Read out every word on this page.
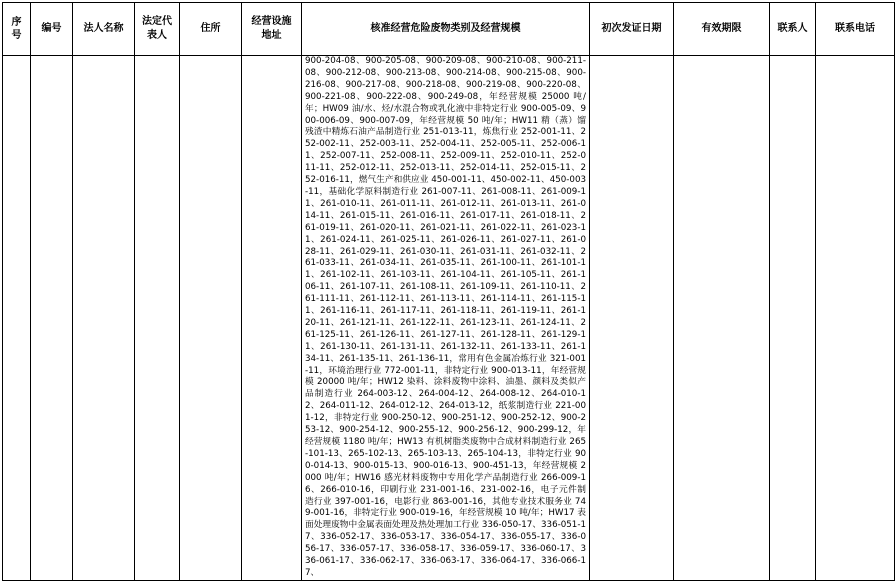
序号	编号	法人名称	法定代表人	住所	经营设施地址	核准经营危险废物类别及经营规模	初次发证日期	有效期限	联系人	联系电话

						900-204-08、900-205-08、900-209-08、900-210-08、900-211-08、900-212-08、900-213-08、900-214-08、900-215-08、900-216-08、900-217-08、900-218-08、900-219-08、900-220-08、900-221-08、900-222-08、900-249-08，年经营规模 25000 吨/年；HW09 油/水、烃/水混合物或乳化液中非特定行业 900-005-09、900-006-09、900-007-09，年经营规模 50 吨/年；HW11 精（蒸）馏残渣中精炼石油产品制造行业 251-013-11，炼焦行业 252-001-11、252-002-11、252-003-11、252-004-11、252-005-11、252-006-11、252-007-11、252-008-11、252-009-11、252-010-11、252-011-11、252-012-11、252-013-11、252-014-11、252-015-11、252-016-11，燃气生产和供应业 450-001-11、450-002-11、450-003-11，基础化学原料制造行业 261-007-11、261-008-11、261-009-11、261-010-11、261-011-11、261-012-11、261-013-11、261-014-11、261-015-11、261-016-11、261-017-11、261-018-11、261-019-11、261-020-11、261-021-11、261-022-11、261-023-11、261-024-11、261-025-11、261-026-11、261-027-11、261-028-11、261-029-11、261-030-11、261-031-11、261-032-11、261-033-11、261-034-11、261-035-11、261-100-11、261-101-11、261-102-11、261-103-11、261-104-11、261-105-11、261-106-11、261-107-11、261-108-11、261-109-11、261-110-11、261-111-11、261-112-11、261-113-11、261-114-11、261-115-11、261-116-11、261-117-11、261-118-11、261-119-11、261-120-11、261-121-11、261-122-11、261-123-11、261-124-11、261-125-11、261-126-11、261-127-11、261-128-11、261-129-11、261-130-11、261-131-11、261-132-11、261-133-11、261-134-11、261-135-11、261-136-11，常用有色金属冶炼行业 321-001-11，环境治理行业 772-001-11，非特定行业 900-013-11，年经营规模 20000 吨/年；HW12 染料、涂料废物中涂料、油墨、颜料及类似产品制造行业 264-003-12、264-004-12、264-008-12、264-010-12、264-011-12、264-012-12、264-013-12，纸浆制造行业 221-001-12，非特定行业 900-250-12、900-251-12、900-252-12、900-253-12、900-254-12、900-255-12、900-256-12、900-299-12，年经营规模 1180 吨/年；HW13 有机树脂类废物中合成材料制造行业 265-101-13、265-102-13、265-103-13、265-104-13，非特定行业 900-014-13、900-015-13、900-016-13、900-451-13，年经营规模 2000 吨/年；HW16 感光材料废物中专用化学产品制造行业 266-009-16、266-010-16，印刷行业 231-001-16、231-002-16，电子元件制造行业 397-001-16，电影行业 863-001-16，其他专业技术服务业 749-001-16，非特定行业 900-019-16，年经营规模 10 吨/年；HW17 表面处理废物中金属表面处理及热处理加工行业 336-050-17、336-051-17、336-052-17、336-053-17、336-054-17、336-055-17、336-056-17、336-057-17、336-058-17、336-059-17、336-060-17、336-061-17、336-062-17、336-063-17、336-064-17、336-066-17、				
